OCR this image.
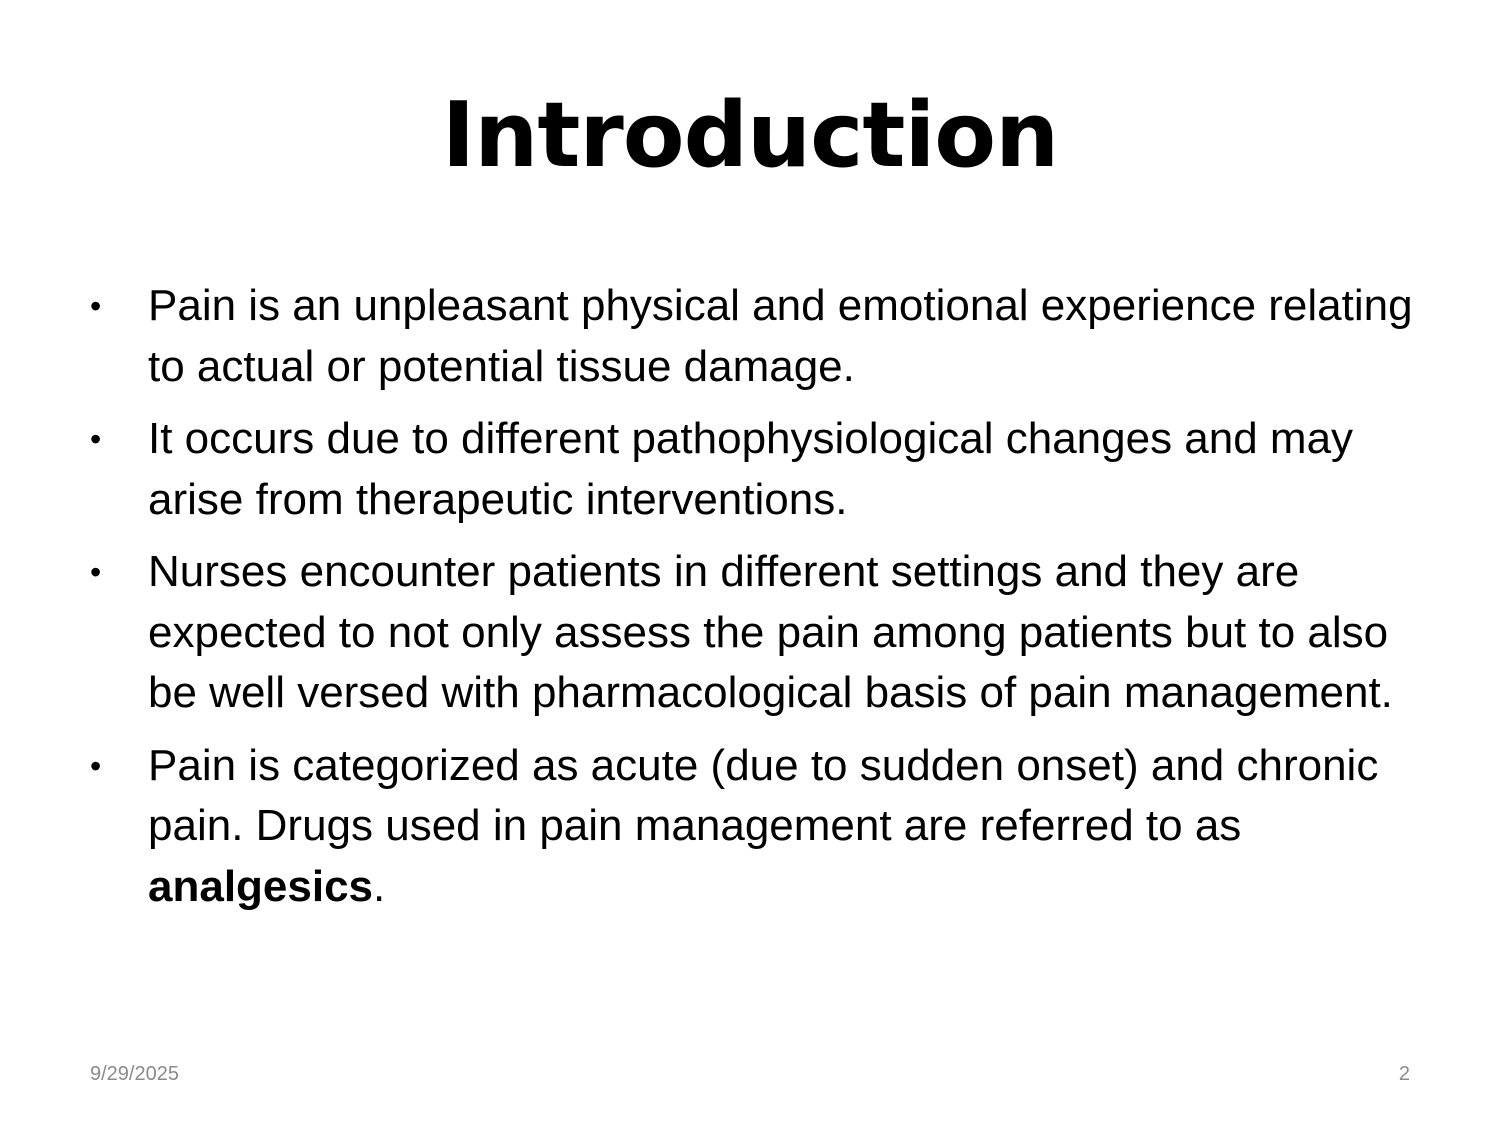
Introduction
•	Pain is an unpleasant physical and emotional experience relating to actual or potential tissue damage.
•	It occurs due to different pathophysiological changes and may arise from therapeutic interventions.
•	Nurses encounter patients in different settings and they are expected to not only assess the pain among patients but to also be well versed with pharmacological basis of pain management.
•	Pain is categorized as acute (due to sudden onset) and chronic pain. Drugs used in pain management are referred to as analgesics.
9/29/2025	2
